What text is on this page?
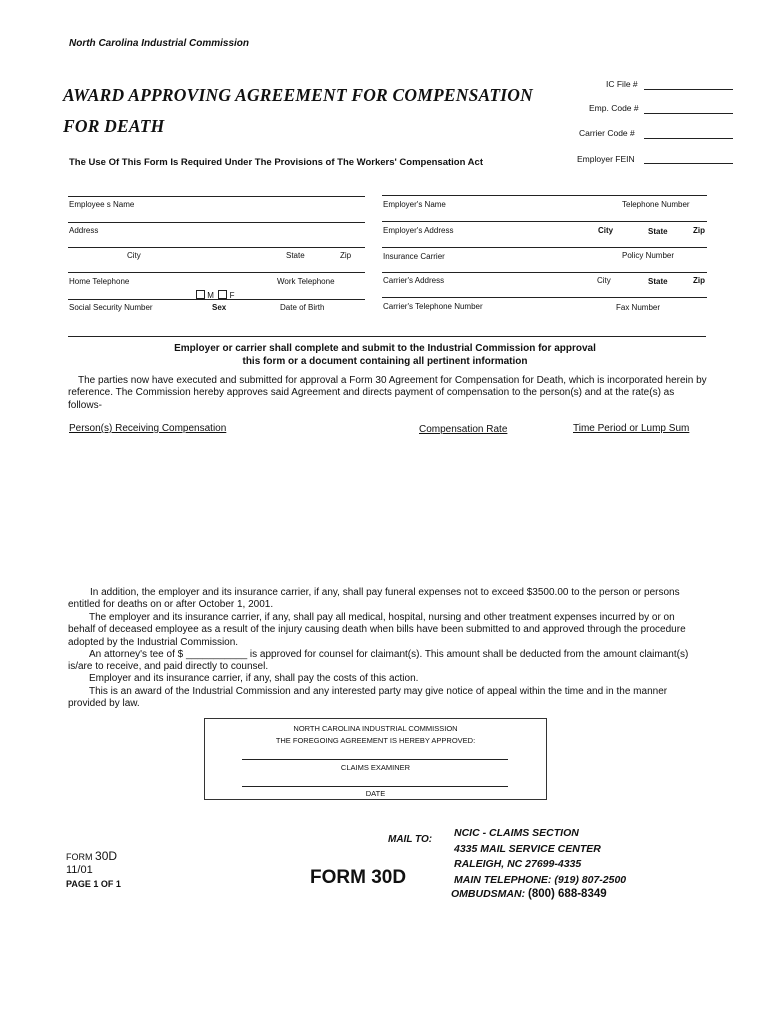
North Carolina Industrial Commission
AWARD APPROVING AGREEMENT FOR COMPENSATION
FOR DEATH
IC File #
Emp. Code #
Carrier Code #
Employer FEIN
The Use Of This Form Is Required Under The Provisions of The Workers' Compensation Act
Employee s Name
Address
City	State	Zip
Home Telephone	Work Telephone
M F
Social Security Number	Sex	Date of Birth
Employer's Name	Telephone Number
Employer's Address	City	State	Zip
Insurance Carrier	Policy Number
Carrier's Address	City	State	Zip
Carrier's Telephone Number	Fax Number
Employer or carrier shall complete and submit to the Industrial Commission for approval
this form or a document containing all pertinent information
The parties now have executed and submitted for approval a Form 30 Agreement for Compensation for Death, which is incorporated herein by reference. The Commission hereby approves said Agreement and directs payment of compensation to the person(s) and at the rate(s) as follows-
Person(s) Receiving Compensation	Compensation Rate	Time Period or Lump Sum
In addition, the employer and its insurance carrier, if any, shall pay funeral expenses not to exceed $3500.00 to the person or persons entitled for deaths on or after October 1, 2001.
The employer and its insurance carrier, if any, shall pay all medical, hospital, nursing and other treatment expenses incurred by or on behalf of deceased employee as a result of the injury causing death when bills have been submitted to and approved through the procedure adopted by the Industrial Commission.
An attorney's tee of $ ___________ is approved for counsel for claimant(s). This amount shall be deducted from the amount claimant(s) is/are to receive, and paid directly to counsel.
Employer and its insurance carrier, if any, shall pay the costs of this action.
This is an award of the Industrial Commission and any interested party may give notice of appeal within the time and in the manner provided by law.
NORTH CAROLINA INDUSTRIAL COMMISSION
THE FOREGOING AGREEMENT IS HEREBY APPROVED:
CLAIMS EXAMINER
DATE
MAIL TO:
NCIC - CLAIMS SECTION
4335 MAIL SERVICE CENTER
RALEIGH, NC 27699-4335
MAIN TELEPHONE: (919) 807-2500
OMBUDSMAN: (800) 688-8349
FORM 30D
11/01
PAGE 1 OF 1	FORM 30D
